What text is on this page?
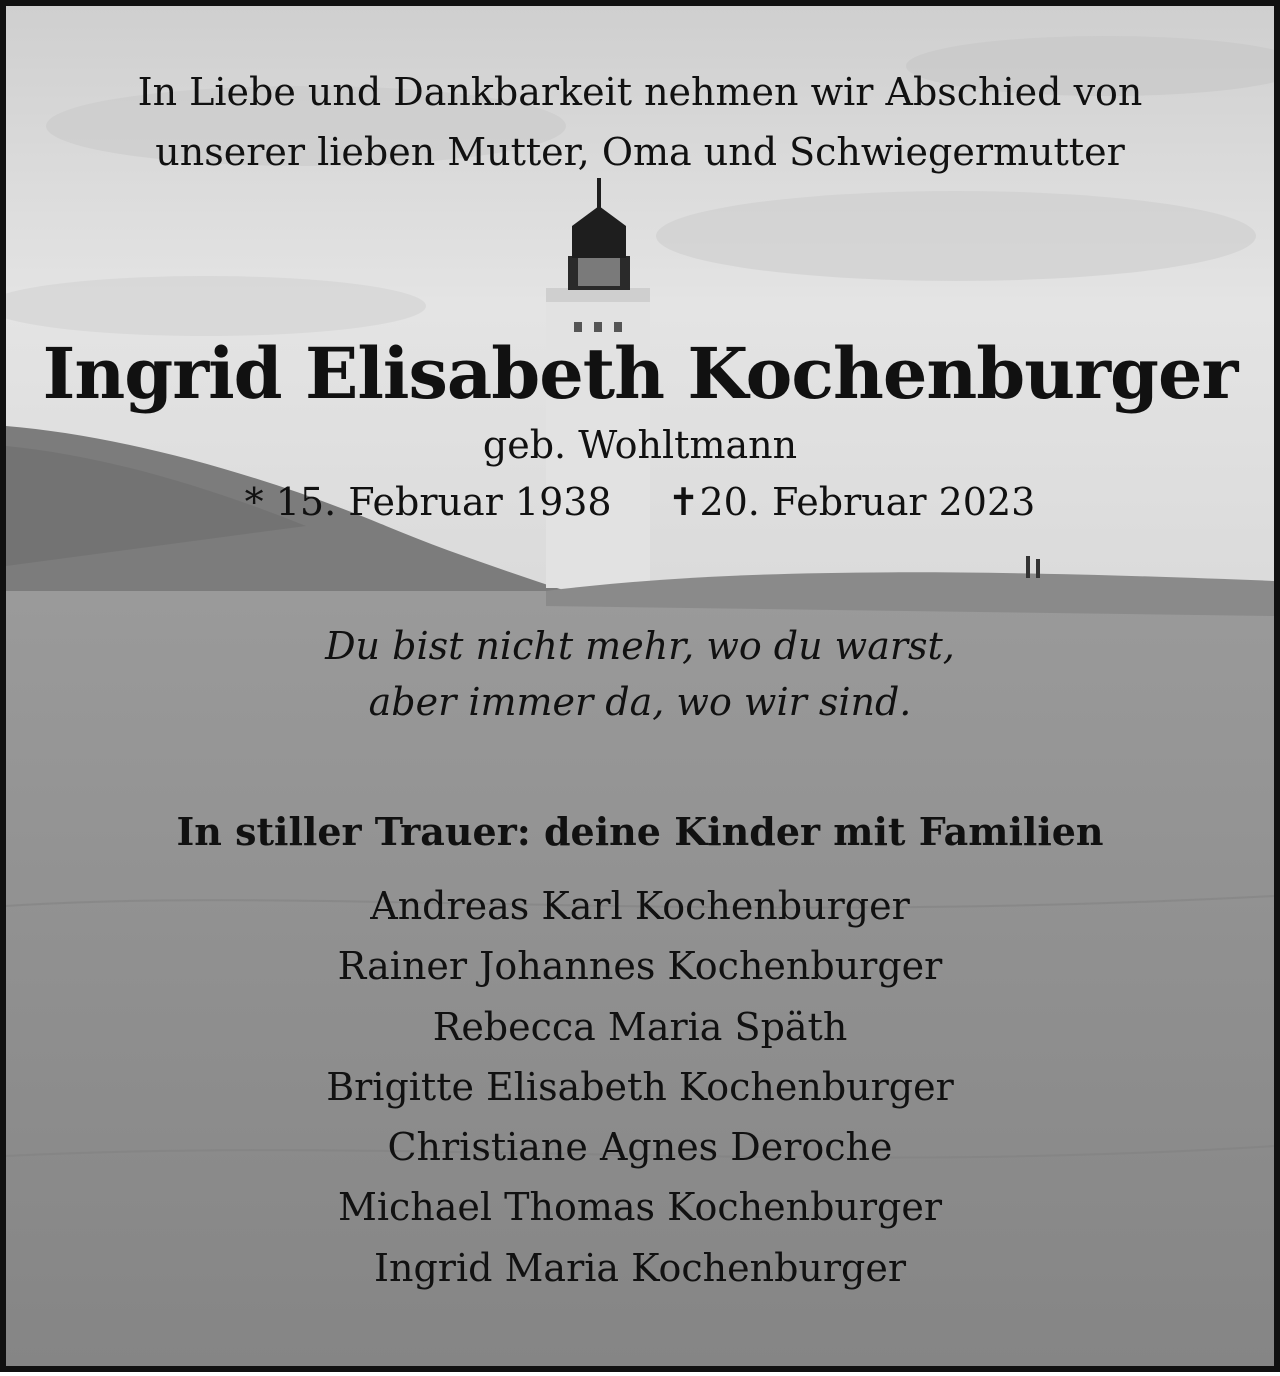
In Liebe und Dankbarkeit nehmen wir Abschied von
unserer lieben Mutter, Oma und Schwiegermutter
Ingrid Elisabeth Kochenburger
geb. Wohltmann
* 15. Februar 1938 ✝20. Februar 2023
Du bist nicht mehr, wo du warst,
aber immer da, wo wir sind.
In stiller Trauer: deine Kinder mit Familien
Andreas Karl Kochenburger
Rainer Johannes Kochenburger
Rebecca Maria Späth
Brigitte Elisabeth Kochenburger
Christiane Agnes Deroche
Michael Thomas Kochenburger
Ingrid Maria Kochenburger
